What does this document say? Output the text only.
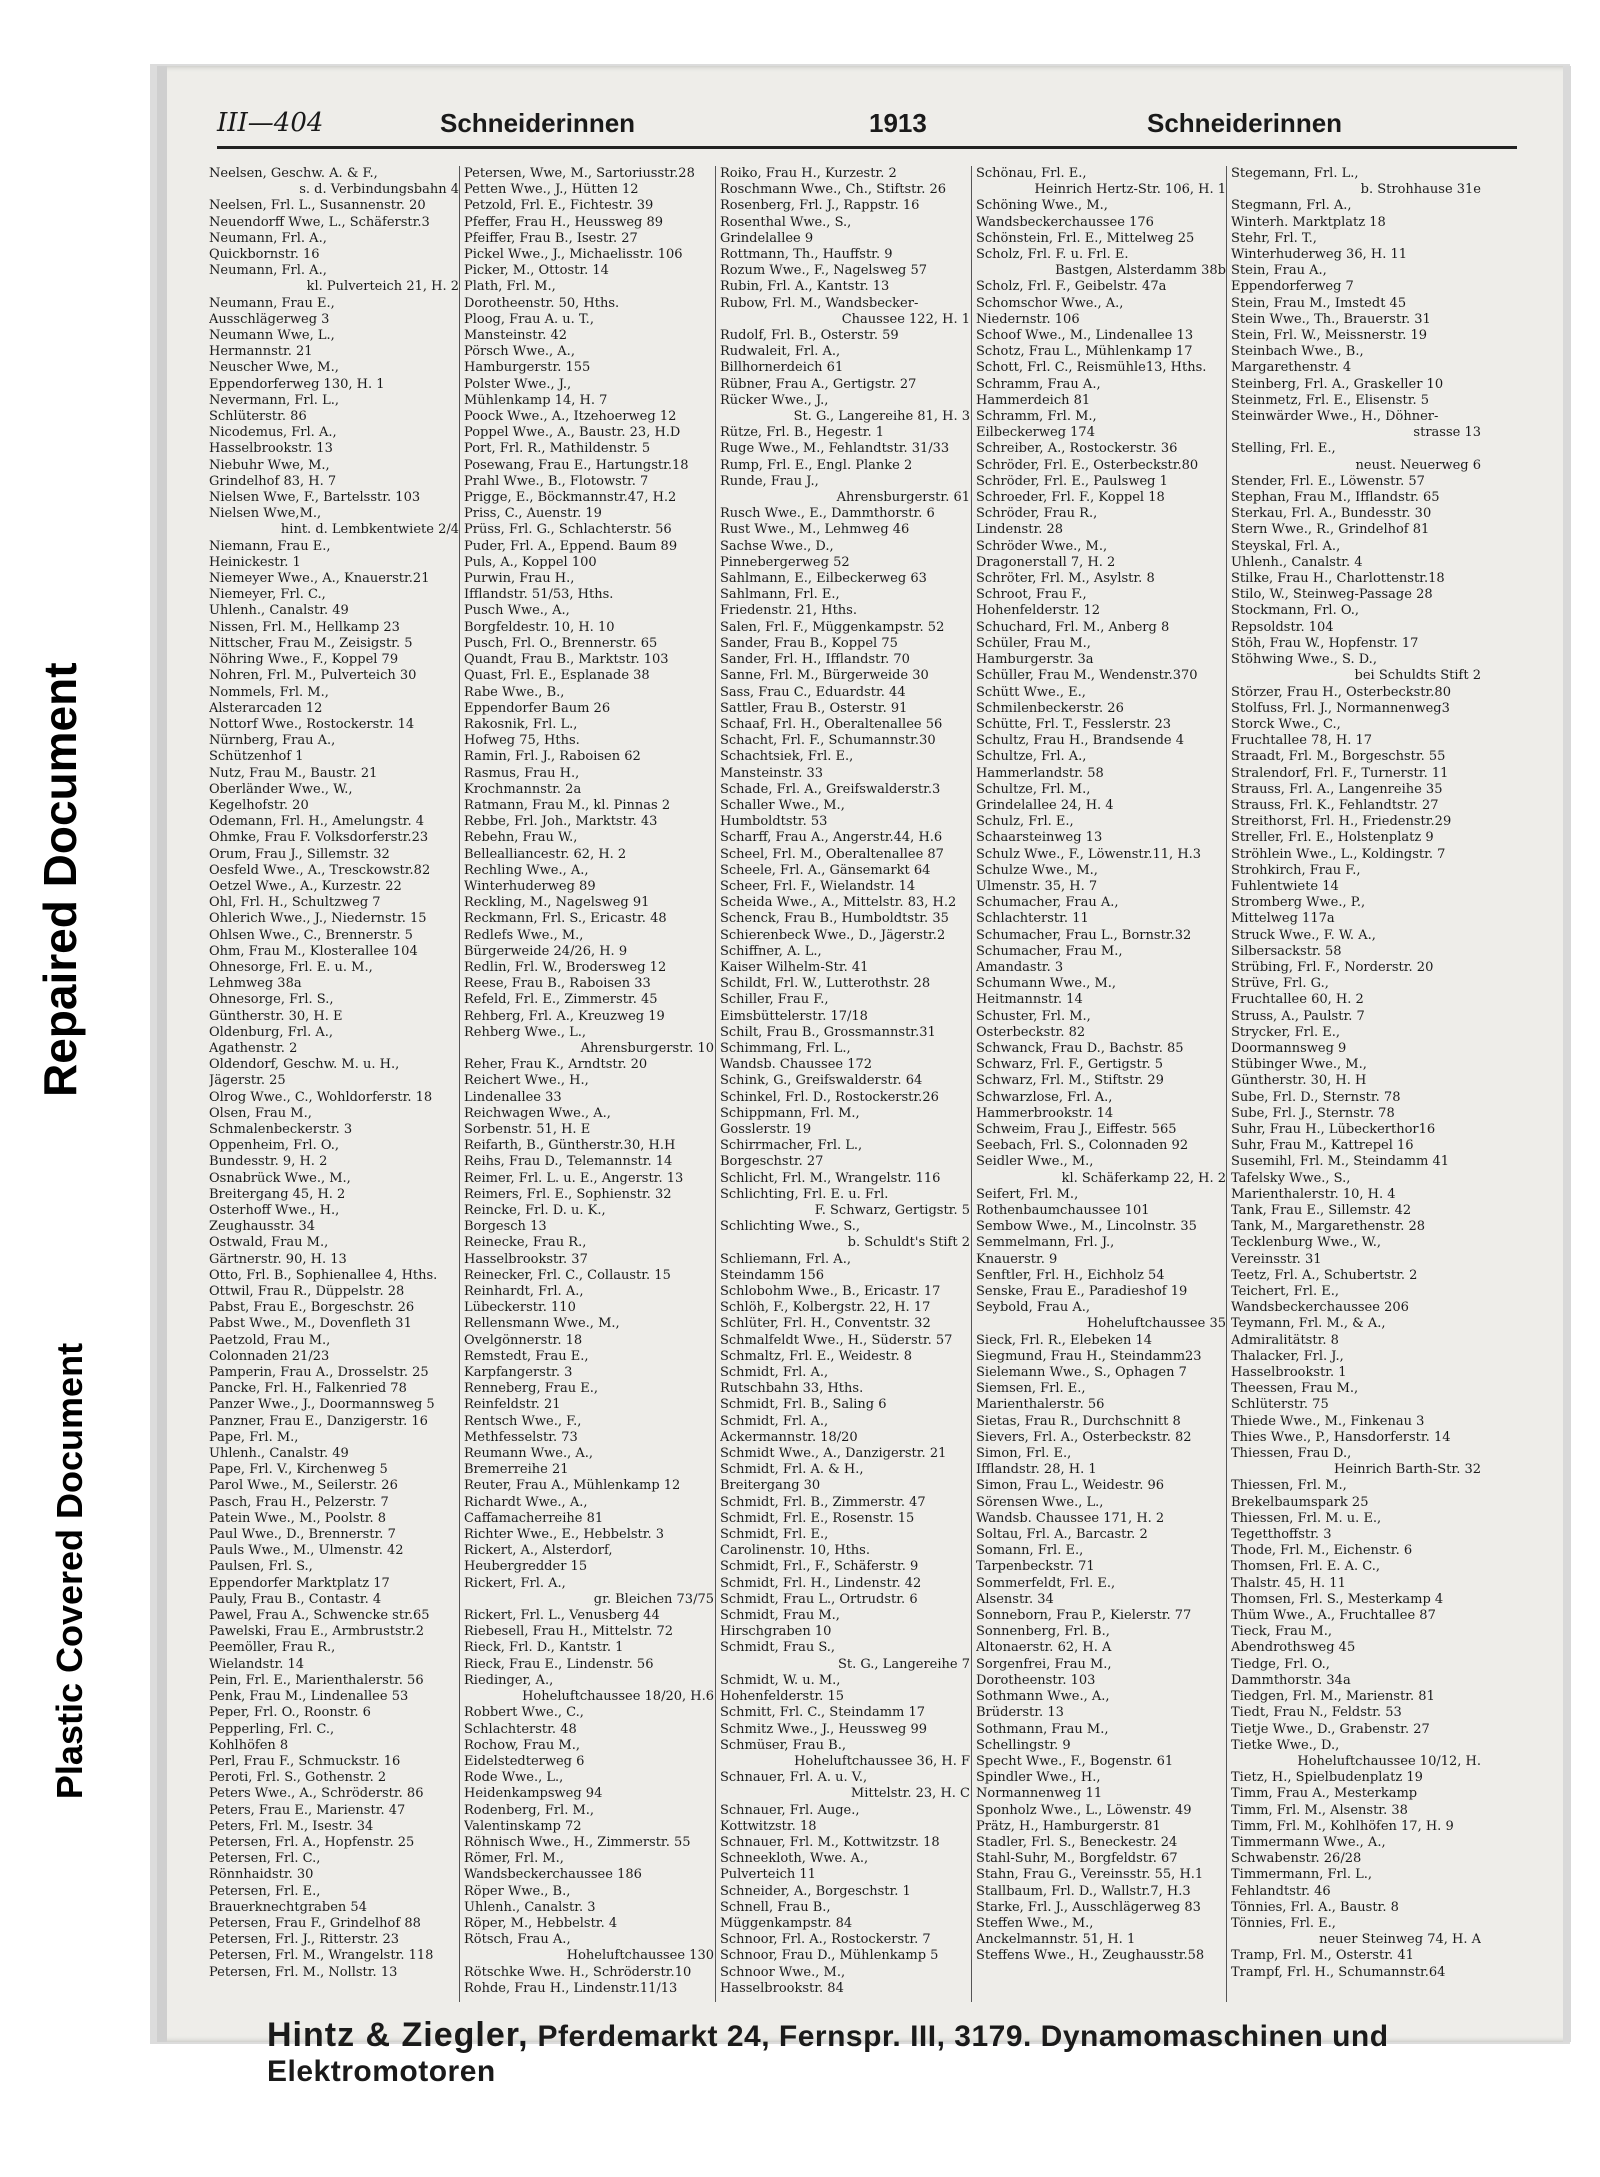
Repaired Document
Plastic Covered Document
III—404	Schneiderinnen	1913	Schneiderinnen
Neelsen, Geschw. A. & F.,
s. d. Verbindungsbahn 4
Neelsen, Frl. L., Susannenstr. 20
Neuendorff Wwe, L., Schäferstr.3
Neumann, Frl. A.,
Quickbornstr. 16
Neumann, Frl. A.,
kl. Pulverteich 21, H. 2
Neumann, Frau E.,
Ausschlägerweg 3
Neumann Wwe, L.,
Hermannstr. 21
Neuscher Wwe, M.,
Eppendorferweg 130, H. 1
Nevermann, Frl. L.,
Schlüterstr. 86
Nicodemus, Frl. A.,
Hasselbrookstr. 13
Niebuhr Wwe, M.,
Grindelhof 83, H. 7
Nielsen Wwe, F., Bartelsstr. 103
Nielsen Wwe,M.,
hint. d. Lembkentwiete 2/4
Niemann, Frau E.,
Heinickestr. 1
Niemeyer Wwe., A., Knauerstr.21
Niemeyer, Frl. C.,
Uhlenh., Canalstr. 49
Nissen, Frl. M., Hellkamp 23
Nittscher, Frau M., Zeisigstr. 5
Nöhring Wwe., F., Koppel 79
Nohren, Frl. M., Pulverteich 30
Nommels, Frl. M.,
Alsterarcaden 12
Nottorf Wwe., Rostockerstr. 14
Nürnberg, Frau A.,
Schützenhof 1
Nutz, Frau M., Baustr. 21
Oberländer Wwe., W.,
Kegelhofstr. 20
Odemann, Frl. H., Amelungstr. 4
Öhmke, Frau F. Volksdorferstr.23
Örum, Frau J., Sillemstr. 32
Oesfeld Wwe., A., Tresckowstr.82
Oetzel Wwe., A., Kurzestr. 22
Ohl, Frl. H., Schultzweg 7
Ohlerich Wwe., J., Niedernstr. 15
Ohlsen Wwe., C., Brennerstr. 5
Ohm, Frau M., Klosterallee 104
Ohnesorge, Frl. E. u. M.,
Lehmweg 38a
Ohnesorge, Frl. S.,
Güntherstr. 30, H. E
Oldenburg, Frl. A.,
Agathenstr. 2
Oldendorf, Geschw. M. u. H.,
Jägerstr. 25
Olrog Wwe., C., Wohldorferstr. 18
Olsen, Frau M.,
Schmalenbeckerstr. 3
Oppenheim, Frl. O.,
Bundesstr. 9, H. 2
Osnabrück Wwe., M.,
Breitergang 45, H. 2
Osterhoff Wwe., H.,
Zeughausstr. 34
Ostwald, Frau M.,
Gärtnerstr. 90, H. 13
Otto, Frl. B., Sophienallee 4, Hths.
Ottwil, Frau R., Düppelstr. 28
Pabst, Frau E., Borgeschstr. 26
Pabst Wwe., M., Dovenfleth 31
Paetzold, Frau M.,
Colonnaden 21/23
Pamperin, Frau A., Drosselstr. 25
Pancke, Frl. H., Falkenried 78
Panzer Wwe., J., Doormannsweg 5
Panzner, Frau E., Danzigerstr. 16
Pape, Frl. M.,
Uhlenh., Canalstr. 49
Pape, Frl. V., Kirchenweg 5
Parol Wwe., M., Seilerstr. 26
Pasch, Frau H., Pelzerstr. 7
Patein Wwe., M., Poolstr. 8
Paul Wwe., D., Brennerstr. 7
Pauls Wwe., M., Ulmenstr. 42
Paulsen, Frl. S.,
Eppendorfer Marktplatz 17
Pauly, Frau B., Contastr. 4
Pawel, Frau A., Schwencke str.65
Pawelski, Frau E., Armbruststr.2
Peemöller, Frau R.,
Wielandstr. 14
Pein, Frl. E., Marienthalerstr. 56
Penk, Frau M., Lindenallee 53
Peper, Frl. O., Roonstr. 6
Pepperling, Frl. C.,
Kohlhöfen 8
Perl, Frau F., Schmuckstr. 16
Peroti, Frl. S., Gothenstr. 2
Peters Wwe., A., Schröderstr. 86
Peters, Frau E., Marienstr. 47
Peters, Frl. M., Isestr. 34
Petersen, Frl. A., Hopfenstr. 25
Petersen, Frl. C.,
Rönnhaidstr. 30
Petersen, Frl. E.,
Brauerknechtgraben 54
Petersen, Frau F., Grindelhof 88
Petersen, Frl. J., Ritterstr. 23
Petersen, Frl. M., Wrangelstr. 118
Petersen, Frl. M., Nollstr. 13
Petersen, Wwe, M., Sartoriusstr.28
Petten Wwe., J., Hütten 12
Petzold, Frl. E., Fichtestr. 39
Pfeffer, Frau H., Heussweg 89
Pfeiffer, Frau B., Isestr. 27
Pickel Wwe., J., Michaelisstr. 106
Picker, M., Ottostr. 14
Plath, Frl. M.,
Dorotheenstr. 50, Hths.
Ploog, Frau A. u. T.,
Mansteinstr. 42
Pörsch Wwe., A.,
Hamburgerstr. 155
Polster Wwe., J.,
Mühlenkamp 14, H. 7
Poock Wwe., A., Itzehoerweg 12
Poppel Wwe., A., Baustr. 23, H.D
Port, Frl. R., Mathildenstr. 5
Posewang, Frau E., Hartungstr.18
Prahl Wwe., B., Flotowstr. 7
Prigge, E., Böckmannstr.47, H.2
Priss, C., Auenstr. 19
Prüss, Frl. G., Schlachterstr. 56
Puder, Frl. A., Eppend. Baum 89
Puls, A., Koppel 100
Purwin, Frau H.,
Ifflandstr. 51/53, Hths.
Pusch Wwe., A.,
Borgfeldestr. 10, H. 10
Pusch, Frl. O., Brennerstr. 65
Quandt, Frau B., Marktstr. 103
Quast, Frl. E., Esplanade 38
Rabe Wwe., B.,
Eppendorfer Baum 26
Rakosnik, Frl. L.,
Hofweg 75, Hths.
Ramin, Frl. J., Raboisen 62
Rasmus, Frau H.,
Krochmannstr. 2a
Ratmann, Frau M., kl. Pinnas 2
Rebbe, Frl. Joh., Marktstr. 43
Rebehn, Frau W.,
Bellealliancestr. 62, H. 2
Rechling Wwe., A.,
Winterhuderweg 89
Reckling, M., Nagelsweg 91
Reckmann, Frl. S., Ericastr. 48
Redlefs Wwe., M.,
Bürgerweide 24/26, H. 9
Redlin, Frl. W., Brodersweg 12
Reese, Frau B., Raboisen 33
Refeld, Frl. E., Zimmerstr. 45
Rehberg, Frl. A., Kreuzweg 19
Rehberg Wwe., L.,
Ahrensburgerstr. 10
Reher, Frau K., Arndtstr. 20
Reichert Wwe., H.,
Lindenallee 33
Reichwagen Wwe., A.,
Sorbenstr. 51, H. E
Reifarth, B., Güntherstr.30, H.H
Reihs, Frau D., Telemannstr. 14
Reimer, Frl. L. u. E., Angerstr. 13
Reimers, Frl. E., Sophienstr. 32
Reincke, Frl. D. u. K.,
Borgesch 13
Reinecke, Frau R.,
Hasselbrookstr. 37
Reinecker, Frl. C., Collaustr. 15
Reinhardt, Frl. A.,
Lübeckerstr. 110
Rellensmann Wwe., M.,
Övelgönnerstr. 18
Remstedt, Frau E.,
Karpfangerstr. 3
Renneberg, Frau E.,
Reinfeldstr. 21
Rentsch Wwe., F.,
Methfesselstr. 73
Reumann Wwe., A.,
Bremerreihe 21
Reuter, Frau A., Mühlenkamp 12
Richardt Wwe., A.,
Caffamacherreihe 81
Richter Wwe., E., Hebbelstr. 3
Rickert, A., Alsterdorf,
Heubergredder 15
Rickert, Frl. A.,
gr. Bleichen 73/75
Rickert, Frl. L., Venusberg 44
Riebesell, Frau H., Mittelstr. 72
Rieck, Frl. D., Kantstr. 1
Rieck, Frau E., Lindenstr. 56
Riedinger, A.,
Hoheluftchaussee 18/20, H.6
Robbert Wwe., C.,
Schlachterstr. 48
Rochow, Frau M.,
Eidelstedterweg 6
Rode Wwe., L.,
Heidenkampsweg 94
Rodenberg, Frl. M.,
Valentinskamp 72
Röhnisch Wwe., H., Zimmerstr. 55
Römer, Frl. M.,
Wandsbeckerchaussee 186
Röper Wwe., B.,
Uhlenh., Canalstr. 3
Röper, M., Hebbelstr. 4
Rötsch, Frau A.,
Hoheluftchaussee 130
Rötschke Wwe. H., Schröderstr.10
Rohde, Frau H., Lindenstr.11/13
Roiko, Frau H., Kurzestr. 2
Roschmann Wwe., Ch., Stiftstr. 26
Rosenberg, Frl. J., Rappstr. 16
Rosenthal Wwe., S.,
Grindelallee 9
Rottmann, Th., Hauffstr. 9
Rozum Wwe., F., Nagelsweg 57
Rubin, Frl. A., Kantstr. 13
Rubow, Frl. M., Wandsbecker-
Chaussee 122, H. 1
Rudolf, Frl. B., Osterstr. 59
Rudwaleit, Frl. A.,
Billhornerdeich 61
Rübner, Frau A., Gertigstr. 27
Rücker Wwe., J.,
St. G., Langereihe 81, H. 3
Rütze, Frl. B., Hegestr. 1
Ruge Wwe., M., Fehlandtstr. 31/33
Rump, Frl. E., Engl. Planke 2
Runde, Frau J.,
Ahrensburgerstr. 61
Rusch Wwe., E., Dammthorstr. 6
Rust Wwe., M., Lehmweg 46
Sachse Wwe., D.,
Pinnebergerweg 52
Sahlmann, E., Eilbeckerweg 63
Sahlmann, Frl. E.,
Friedenstr. 21, Hths.
Salen, Frl. F., Müggenkampstr. 52
Sander, Frau B., Koppel 75
Sander, Frl. H., Ifflandstr. 70
Sanne, Frl. M., Bürgerweide 30
Sass, Frau C., Eduardstr. 44
Sattler, Frau B., Osterstr. 91
Schaaf, Frl. H., Oberaltenallee 56
Schacht, Frl. F., Schumannstr.30
Schachtsiek, Frl. E.,
Mansteinstr. 33
Schade, Frl. A., Greifswalderstr.3
Schaller Wwe., M.,
Humboldtstr. 53
Scharff, Frau A., Angerstr.44, H.6
Scheel, Frl. M., Oberaltenallee 87
Scheele, Frl. A., Gänsemarkt 64
Scheer, Frl. F., Wielandstr. 14
Scheida Wwe., A., Mittelstr. 83, H.2
Schenck, Frau B., Humboldtstr. 35
Schierenbeck Wwe., D., Jägerstr.2
Schiffner, A. L.,
Kaiser Wilhelm-Str. 41
Schildt, Frl. W., Lutterothstr. 28
Schiller, Frau F.,
Eimsbüttelerstr. 17/18
Schilt, Frau B., Grossmannstr.31
Schimmang, Frl. L.,
Wandsb. Chaussee 172
Schink, G., Greifswalderstr. 64
Schinkel, Frl. D., Rostockerstr.26
Schippmann, Frl. M.,
Gosslerstr. 19
Schirrmacher, Frl. L.,
Borgeschstr. 27
Schlicht, Frl. M., Wrangelstr. 116
Schlichting, Frl. E. u. Frl.
F. Schwarz, Gertigstr. 5
Schlichting Wwe., S.,
b. Schuldt's Stift 2
Schliemann, Frl. A.,
Steindamm 156
Schlobohm Wwe., B., Ericastr. 17
Schlöh, F., Kolbergstr. 22, H. 17
Schlüter, Frl. H., Conventstr. 32
Schmalfeldt Wwe., H., Süderstr. 57
Schmaltz, Frl. E., Weidestr. 8
Schmidt, Frl. A.,
Rutschbahn 33, Hths.
Schmidt, Frl. B., Saling 6
Schmidt, Frl. A.,
Ackermannstr. 18/20
Schmidt Wwe., A., Danzigerstr. 21
Schmidt, Frl. A. & H.,
Breitergang 30
Schmidt, Frl. B., Zimmerstr. 47
Schmidt, Frl. E., Rosenstr. 15
Schmidt, Frl. E.,
Carolinenstr. 10, Hths.
Schmidt, Frl., F., Schäferstr. 9
Schmidt, Frl. H., Lindenstr. 42
Schmidt, Frau L., Ortrudstr. 6
Schmidt, Frau M.,
Hirschgraben 10
Schmidt, Frau S.,
St. G., Langereihe 7
Schmidt, W. u. M.,
Hohenfelderstr. 15
Schmitt, Frl. C., Steindamm 17
Schmitz Wwe., J., Heussweg 99
Schmüser, Frau B.,
Hoheluftchaussee 36, H. F
Schnauer, Frl. A. u. V.,
Mittelstr. 23, H. C
Schnauer, Frl. Auge.,
Kottwitzstr. 18
Schnauer, Frl. M., Kottwitzstr. 18
Schneekloth, Wwe. A.,
Pulverteich 11
Schneider, A., Borgeschstr. 1
Schnell, Frau B.,
Müggenkampstr. 84
Schnoor, Frl. A., Rostockerstr. 7
Schnoor, Frau D., Mühlenkamp 5
Schnoor Wwe., M.,
Hasselbrookstr. 84
Schönau, Frl. E.,
Heinrich Hertz-Str. 106, H. 1
Schöning Wwe., M.,
Wandsbeckerchaussee 176
Schönstein, Frl. E., Mittelweg 25
Scholz, Frl. F. u. Frl. E.
Bastgen, Alsterdamm 38b
Scholz, Frl. F., Geibelstr. 47a
Schomschor Wwe., A.,
Niedernstr. 106
Schoof Wwe., M., Lindenallee 13
Schotz, Frau L., Mühlenkamp 17
Schott, Frl. C., Reismühle13, Hths.
Schramm, Frau A.,
Hammerdeich 81
Schramm, Frl. M.,
Eilbeckerweg 174
Schreiber, A., Rostockerstr. 36
Schröder, Frl. E., Osterbeckstr.80
Schröder, Frl. E., Paulsweg 1
Schroeder, Frl. F., Koppel 18
Schröder, Frau R.,
Lindenstr. 28
Schröder Wwe., M.,
Dragonerstall 7, H. 2
Schröter, Frl. M., Asylstr. 8
Schroot, Frau F.,
Hohenfelderstr. 12
Schuchard, Frl. M., Anberg 8
Schüler, Frau M.,
Hamburgerstr. 3a
Schüller, Frau M., Wendenstr.370
Schütt Wwe., E.,
Schmilenbeckerstr. 26
Schütte, Frl. T., Fesslerstr. 23
Schultz, Frau H., Brandsende 4
Schultze, Frl. A.,
Hammerlandstr. 58
Schultze, Frl. M.,
Grindelallee 24, H. 4
Schulz, Frl. E.,
Schaarsteinweg 13
Schulz Wwe., F., Löwenstr.11, H.3
Schulze Wwe., M.,
Ulmenstr. 35, H. 7
Schumacher, Frau A.,
Schlachterstr. 11
Schumacher, Frau L., Bornstr.32
Schumacher, Frau M.,
Amandastr. 3
Schumann Wwe., M.,
Heitmannstr. 14
Schuster, Frl. M.,
Osterbeckstr. 82
Schwanck, Frau D., Bachstr. 85
Schwarz, Frl. F., Gertigstr. 5
Schwarz, Frl. M., Stiftstr. 29
Schwarzlose, Frl. A.,
Hammerbrookstr. 14
Schweim, Frau J., Eiffestr. 565
Seebach, Frl. S., Colonnaden 92
Seidler Wwe., M.,
kl. Schäferkamp 22, H. 2
Seifert, Frl. M.,
Rothenbaumchaussee 101
Sembow Wwe., M., Lincolnstr. 35
Semmelmann, Frl. J.,
Knauerstr. 9
Senftler, Frl. H., Eichholz 54
Senske, Frau E., Paradieshof 19
Seybold, Frau A.,
Hoheluftchaussee 35
Sieck, Frl. R., Elebeken 14
Siegmund, Frau H., Steindamm23
Sielemann Wwe., S., Ophagen 7
Siemsen, Frl. E.,
Marienthalerstr. 56
Sietas, Frau R., Durchschnitt 8
Sievers, Frl. A., Osterbeckstr. 82
Simon, Frl. E.,
Ifflandstr. 28, H. 1
Simon, Frau L., Weidestr. 96
Sörensen Wwe., L.,
Wandsb. Chaussee 171, H. 2
Soltau, Frl. A., Barcastr. 2
Somann, Frl. E.,
Tarpenbeckstr. 71
Sommerfeldt, Frl. E.,
Alsenstr. 34
Sonneborn, Frau P., Kielerstr. 77
Sonnenberg, Frl. B.,
Altonaerstr. 62, H. A
Sorgenfrei, Frau M.,
Dorotheenstr. 103
Sothmann Wwe., A.,
Brüderstr. 13
Sothmann, Frau M.,
Schellingstr. 9
Specht Wwe., F., Bogenstr. 61
Spindler Wwe., H.,
Normannenweg 11
Sponholz Wwe., L., Löwenstr. 49
Prätz, H., Hamburgerstr. 81
Stadler, Frl. S., Beneckestr. 24
Stahl-Suhr, M., Borgfeldstr. 67
Stahn, Frau G., Vereinsstr. 55, H.1
Stallbaum, Frl. D., Wallstr.7, H.3
Starke, Frl. J., Ausschlägerweg 83
Steffen Wwe., M.,
Anckelmannstr. 51, H. 1
Steffens Wwe., H., Zeughausstr.58
Stegemann, Frl. L.,
b. Strohhause 31e
Stegmann, Frl. A.,
Winterh. Marktplatz 18
Stehr, Frl. T.,
Winterhuderweg 36, H. 11
Stein, Frau A.,
Eppendorferweg 7
Stein, Frau M., Imstedt 45
Stein Wwe., Th., Brauerstr. 31
Stein, Frl. W., Meissnerstr. 19
Steinbach Wwe., B.,
Margarethenstr. 4
Steinberg, Frl. A., Graskeller 10
Steinmetz, Frl. E., Elisenstr. 5
Steinwärder Wwe., H., Döhner-
strasse 13
Stelling, Frl. E.,
neust. Neuerweg 6
Stender, Frl. E., Löwenstr. 57
Stephan, Frau M., Ifflandstr. 65
Sterkau, Frl. A., Bundesstr. 30
Stern Wwe., R., Grindelhof 81
Steyskal, Frl. A.,
Uhlenh., Canalstr. 4
Stilke, Frau H., Charlottenstr.18
Stilo, W., Steinweg-Passage 28
Stockmann, Frl. O.,
Repsoldstr. 104
Stöh, Frau W., Hopfenstr. 17
Stöhwing Wwe., S. D.,
bei Schuldts Stift 2
Störzer, Frau H., Osterbeckstr.80
Stolfuss, Frl. J., Normannenweg3
Storck Wwe., C.,
Fruchtallee 78, H. 17
Straadt, Frl. M., Borgeschstr. 55
Stralendorf, Frl. F., Turnerstr. 11
Strauss, Frl. A., Langenreihe 35
Strauss, Frl. K., Fehlandtstr. 27
Streithorst, Frl. H., Friedenstr.29
Streller, Frl. E., Holstenplatz 9
Ströhlein Wwe., L., Koldingstr. 7
Strohkirch, Frau F.,
Fuhlentwiete 14
Stromberg Wwe., P.,
Mittelweg 117a
Struck Wwe., F. W. A.,
Silbersackstr. 58
Strübing, Frl. F., Norderstr. 20
Strüve, Frl. G.,
Fruchtallee 60, H. 2
Struss, A., Paulstr. 7
Strycker, Frl. E.,
Doormannsweg 9
Stübinger Wwe., M.,
Güntherstr. 30, H. H
Sube, Frl. D., Sternstr. 78
Sube, Frl. J., Sternstr. 78
Suhr, Frau H., Lübeckerthor16
Suhr, Frau M., Kattrepel 16
Susemihl, Frl. M., Steindamm 41
Tafelsky Wwe., S.,
Marienthalerstr. 10, H. 4
Tank, Frau E., Sillemstr. 42
Tank, M., Margarethenstr. 28
Tecklenburg Wwe., W.,
Vereinsstr. 31
Teetz, Frl. A., Schubertstr. 2
Teichert, Frl. E.,
Wandsbeckerchaussee 206
Teymann, Frl. M., & A.,
Admiralitätstr. 8
Thalacker, Frl. J.,
Hasselbrookstr. 1
Theessen, Frau M.,
Schlüterstr. 75
Thiede Wwe., M., Finkenau 3
Thies Wwe., P., Hansdorferstr. 14
Thiessen, Frau D.,
Heinrich Barth-Str. 32
Thiessen, Frl. M.,
Brekelbaumspark 25
Thiessen, Frl. M. u. E.,
Tegetthoffstr. 3
Thode, Frl. M., Eichenstr. 6
Thomsen, Frl. E. A. C.,
Thalstr. 45, H. 11
Thomsen, Frl. S., Mesterkamp 4
Thüm Wwe., A., Fruchtallee 87
Tieck, Frau M.,
Abendrothsweg 45
Tiedge, Frl. O.,
Dammthorstr. 34a
Tiedgen, Frl. M., Marienstr. 81
Tiedt, Frau N., Feldstr. 53
Tietje Wwe., D., Grabenstr. 27
Tietke Wwe., D.,
Hoheluftchaussee 10/12, H.
Tietz, H., Spielbudenplatz 19
Timm, Frau A., Mesterkamp
Timm, Frl. M., Alsenstr. 38
Timm, Frl. M., Kohlhöfen 17, H. 9
Timmermann Wwe., A.,
Schwabenstr. 26/28
Timmermann, Frl. L.,
Fehlandtstr. 46
Tönnies, Frl. A., Baustr. 8
Tönnies, Frl. E.,
neuer Steinweg 74, H. A
Tramp, Frl. M., Osterstr. 41
Trampf, Frl. H., Schumannstr.64
Hintz & Ziegler, Pferdemarkt 24, Fernspr. III, 3179. Dynamomaschinen und Elektromotoren
